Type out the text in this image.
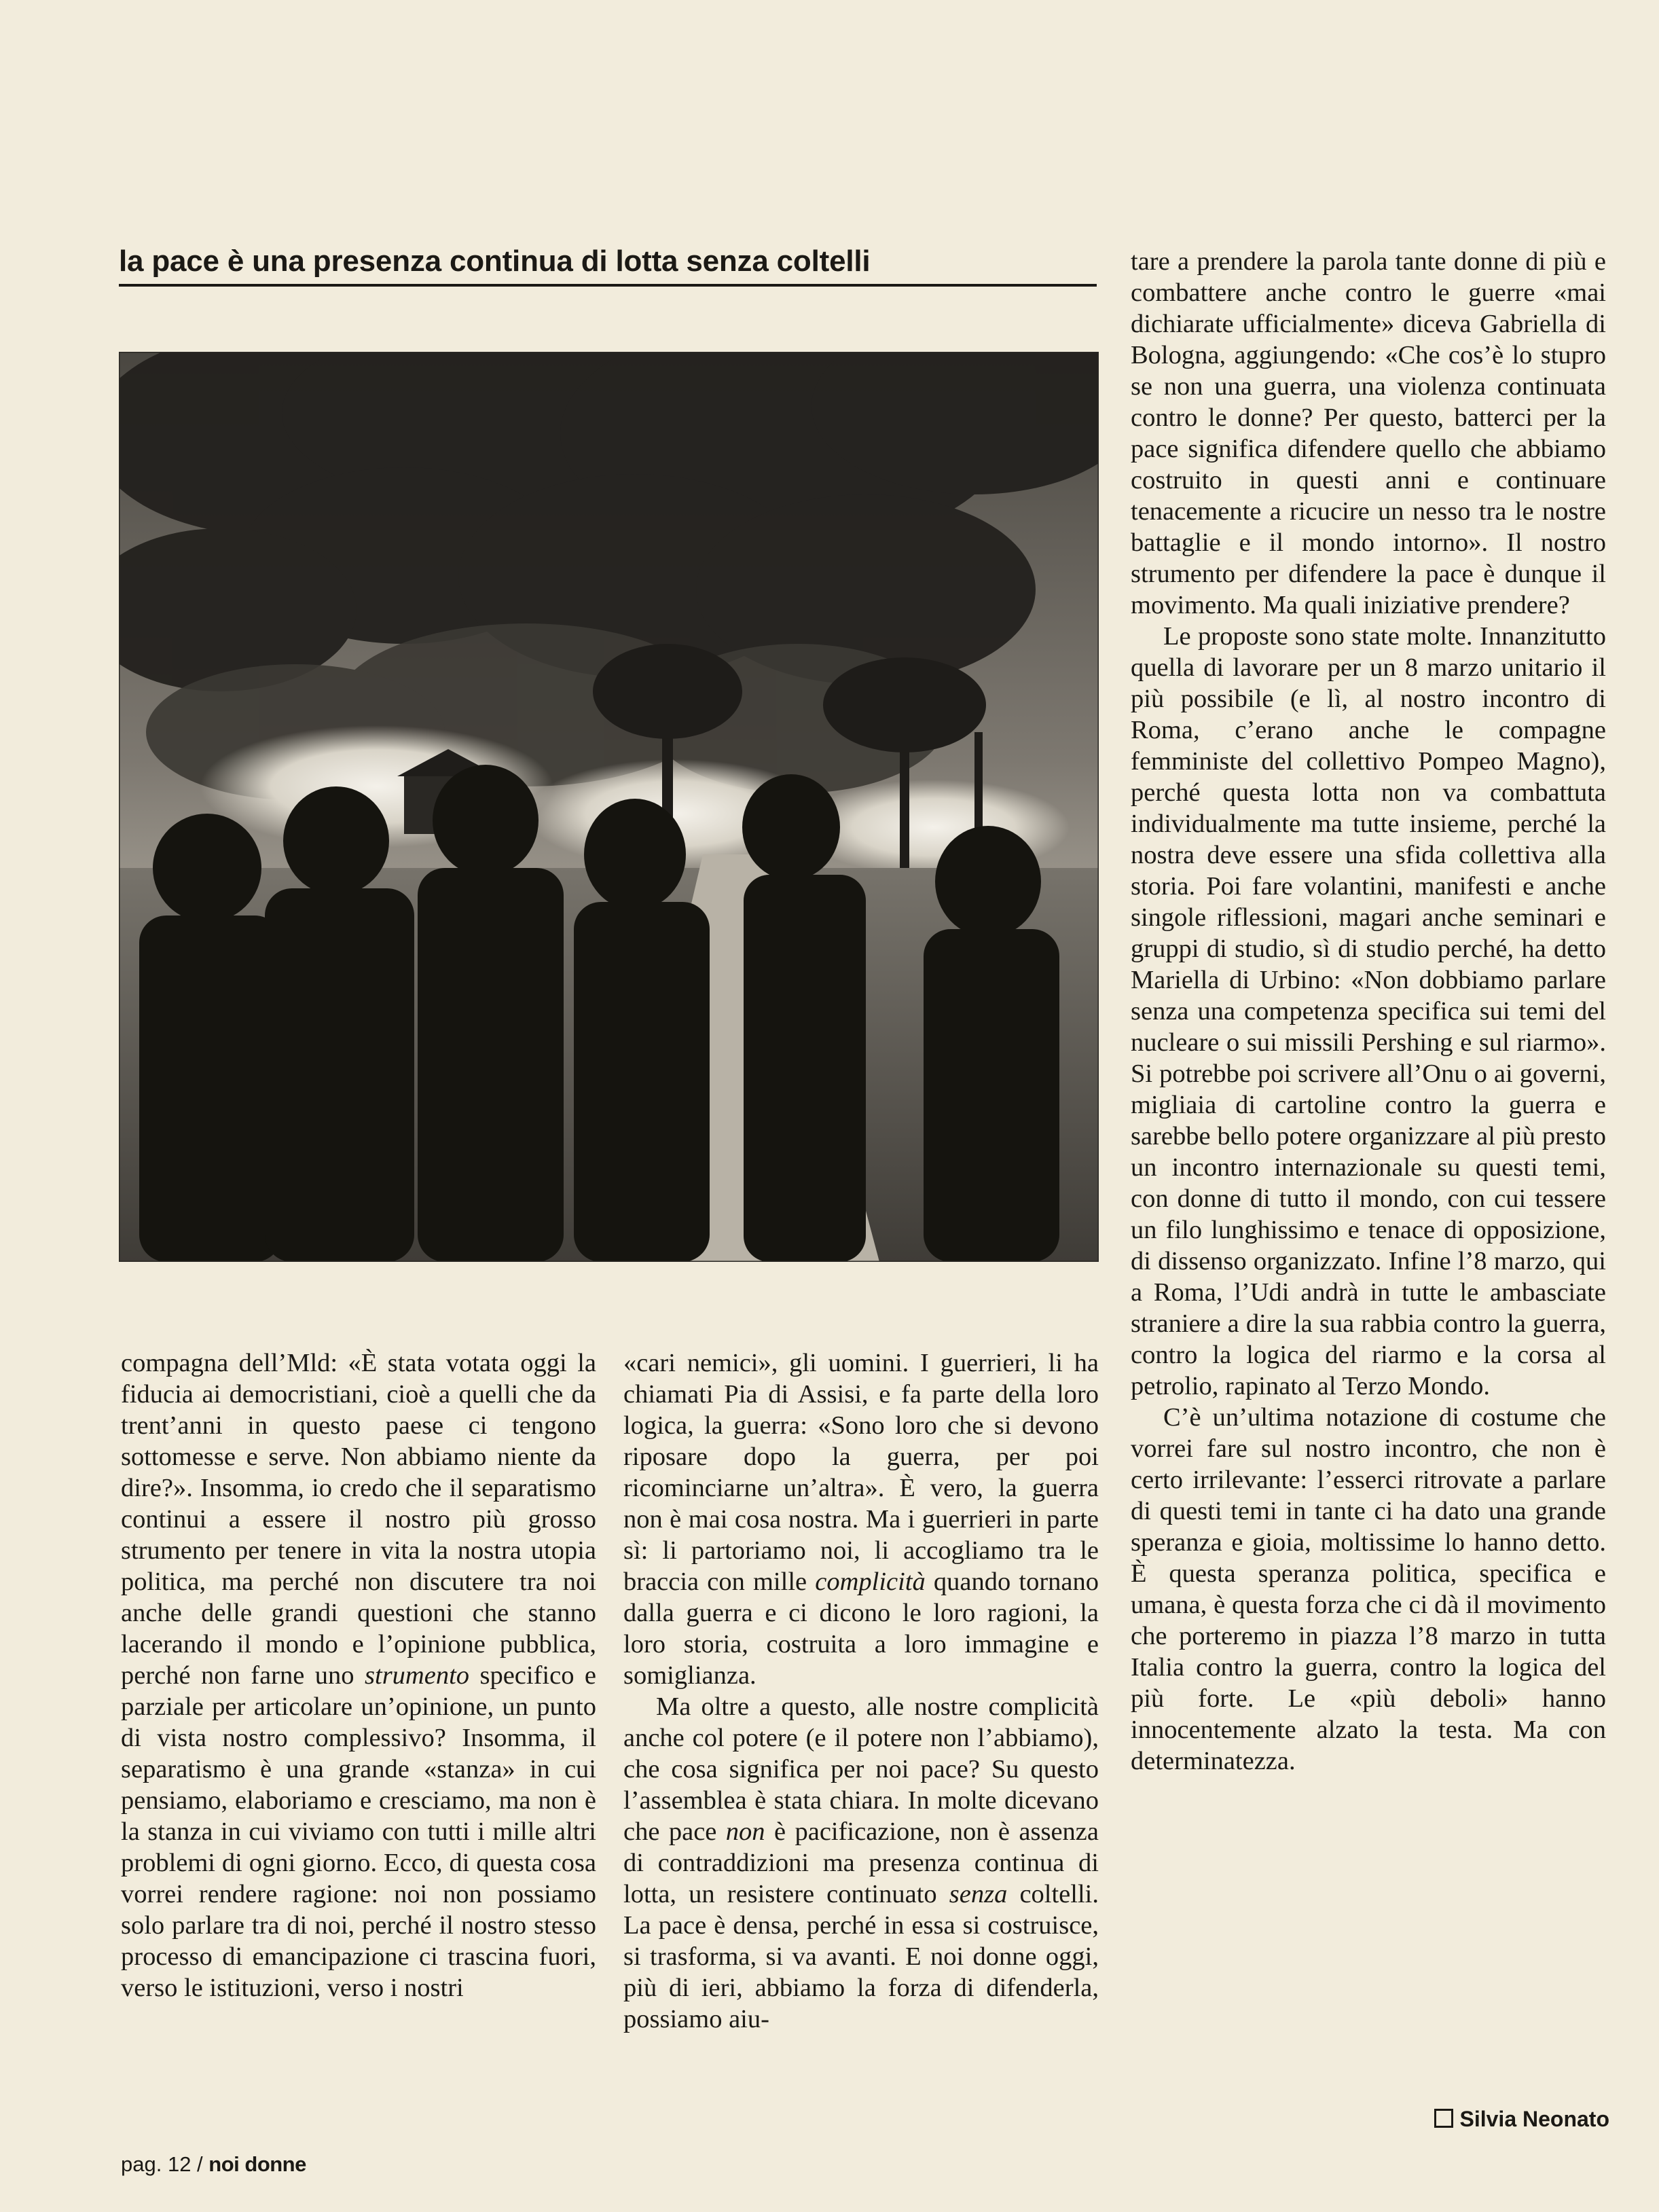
la pace è una presenza continua di lotta senza coltelli

compagna dell’Mld: «È stata votata oggi la fiducia ai democristiani, cioè a quelli che da trent’anni in questo paese ci tengono sottomesse e serve. Non abbiamo niente da dire?». Insomma, io credo che il separatismo continui a essere il nostro più grosso strumento per tenere in vita la nostra utopia politica, ma perché non discutere tra noi anche delle grandi questioni che stanno lacerando il mondo e l’opinione pubblica, perché non farne uno strumento specifico e parziale per articolare un’opinione, un punto di vista nostro complessivo? Insomma, il separatismo è una grande «stanza» in cui pensiamo, elaboriamo e cresciamo, ma non è la stanza in cui viviamo con tutti i mille altri problemi di ogni giorno. Ecco, di questa cosa vorrei rendere ragione: noi non possiamo solo parlare tra di noi, perché il nostro stesso processo di emancipazione ci trascina fuori, verso le istituzioni, verso i nostri

«cari nemici», gli uomini. I guerrieri, li ha chiamati Pia di Assisi, e fa parte della loro logica, la guerra: «Sono loro che si devono riposare dopo la guerra, per poi ricominciarne un’altra». È vero, la guerra non è mai cosa nostra. Ma i guerrieri in parte sì: li partoriamo noi, li accogliamo tra le braccia con mille complicità quando tornano dalla guerra e ci dicono le loro ragioni, la loro storia, costruita a loro immagine e somiglianza.

Ma oltre a questo, alle nostre complicità anche col potere (e il potere non l’abbiamo), che cosa significa per noi pace? Su questo l’assemblea è stata chiara. In molte dicevano che pace non è pacificazione, non è assenza di contraddizioni ma presenza continua di lotta, un resistere continuato senza coltelli. La pace è densa, perché in essa si costruisce, si trasforma, si va avanti. E noi donne oggi, più di ieri, abbiamo la forza di difenderla, possiamo aiu-

tare a prendere la parola tante donne di più e combattere anche contro le guerre «mai dichiarate ufficialmente» diceva Gabriella di Bologna, aggiungendo: «Che cos’è lo stupro se non una guerra, una violenza continuata contro le donne? Per questo, batterci per la pace significa difendere quello che abbiamo costruito in questi anni e continuare tenacemente a ricucire un nesso tra le nostre battaglie e il mondo intorno». Il nostro strumento per difendere la pace è dunque il movimento. Ma quali iniziative prendere?

Le proposte sono state molte. Innanzitutto quella di lavorare per un 8 marzo unitario il più possibile (e lì, al nostro incontro di Roma, c’erano anche le compagne femministe del collettivo Pompeo Magno), perché questa lotta non va combattuta individualmente ma tutte insieme, perché la nostra deve essere una sfida collettiva alla storia. Poi fare volantini, manifesti e anche singole riflessioni, magari anche seminari e gruppi di studio, sì di studio perché, ha detto Mariella di Urbino: «Non dobbiamo parlare senza una competenza specifica sui temi del nucleare o sui missili Pershing e sul riarmo». Si potrebbe poi scrivere all’Onu o ai governi, migliaia di cartoline contro la guerra e sarebbe bello potere organizzare al più presto un incontro internazionale su questi temi, con donne di tutto il mondo, con cui tessere un filo lunghissimo e tenace di opposizione, di dissenso organizzato. Infine l’8 marzo, qui a Roma, l’Udi andrà in tutte le ambasciate straniere a dire la sua rabbia contro la guerra, contro la logica del riarmo e la corsa al petrolio, rapinato al Terzo Mondo.

C’è un’ultima notazione di costume che vorrei fare sul nostro incontro, che non è certo irrilevante: l’esserci ritrovate a parlare di questi temi in tante ci ha dato una grande speranza e gioia, moltissime lo hanno detto. È questa speranza politica, specifica e umana, è questa forza che ci dà il movimento che porteremo in piazza l’8 marzo in tutta Italia contro la guerra, contro la logica del più forte. Le «più deboli» hanno innocentemente alzato la testa. Ma con determinatezza.

Silvia Neonato
pag. 12 / noi donne
